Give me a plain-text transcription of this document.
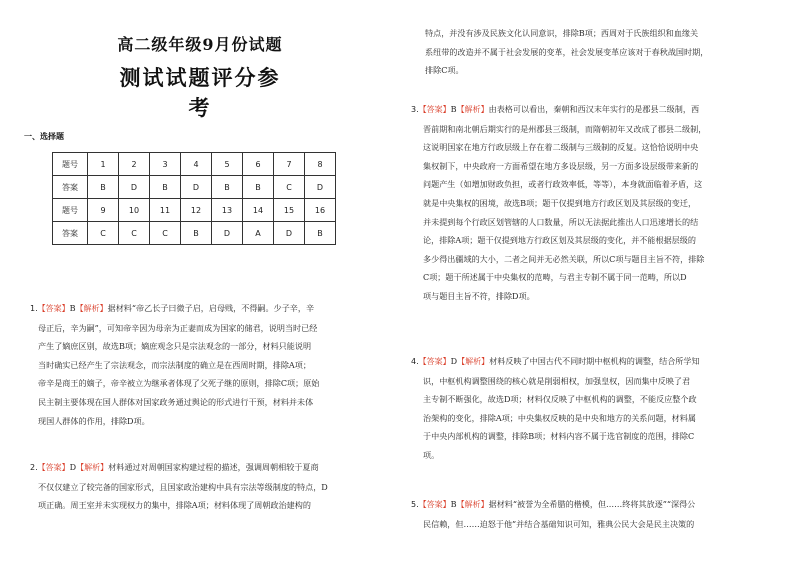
高二级年级9月份试题
测试试题评分参考
一、选择题
题号	1	2	3	4	5	6	7	8
答案	B	D	B	D	B	B	C	D
题号	9	10	11	12	13	14	15	16
答案	C	C	C	B	D	A	D	B

1.【答案】B【解析】据材料“帝乙长子曰微子启，启母贱，不得嗣。少子辛，辛

母正后，辛为嗣”，可知帝辛因为母亲为正妻而成为国家的储君，说明当时已经

产生了嫡庶区别，故选B项；嫡庶观念只是宗法观念的一部分，材料只能说明

当时确实已经产生了宗法观念，而宗法制度的确立是在西周时期，排除A项；

帝辛是商王的嫡子，帝辛被立为继承者体现了父死子继的原则，排除C项；原始

民主制主要体现在国人群体对国家政务通过舆论的形式进行干预，材料并未体

现国人群体的作用，排除D项。

2.【答案】D【解析】材料通过对周朝国家构建过程的描述，强调周朝相较于夏商

不仅仅建立了较完备的国家形式，且国家政治建构中具有宗法等级制度的特点，D

项正确。周王室并未实现权力的集中，排除A项；材料体现了周朝政治建构的

特点，并没有涉及民族文化认同意识，排除B项；西周对于氏族组织和血缘关

系纽带的改造并不属于社会发展的变革，社会发展变革应该对于春秋战国时期，

排除C项。

3.【答案】B【解析】由表格可以看出，秦朝和西汉末年实行的是郡县二级制，西

晋前期和南北朝后期实行的是州郡县三级制，而隋朝初年又改成了郡县二级制，

这说明国家在地方行政层级上存在着二级制与三级制的反复。这恰恰说明中央

集权制下，中央政府一方面希望在地方多设层级，另一方面多设层级带来新的

问题产生（如增加财政负担，或者行政效率低，等等），本身就面临着矛盾，这

就是中央集权的困境，故选B项；题干仅提到地方行政区划及其层级的变迁，

并未提到每个行政区划管辖的人口数量，所以无法据此推出人口迅速增长的结

论，排除A项；题干仅提到地方行政区划及其层级的变化，并不能根据层级的

多少得出疆域的大小，二者之间并无必然关联，所以C项与题目主旨不符，排除

C项；题干所述属于中央集权的范畴，与君主专制不属于同一范畴，所以D

项与题目主旨不符，排除D项。

4.【答案】D【解析】材料反映了中国古代不同时期中枢机构的调整，结合所学知

识，中枢机构调整围绕的核心就是削弱相权，加强皇权，因而集中反映了君

主专制不断强化，故选D项；材料仅反映了中枢机构的调整，不能反应整个政

治架构的变化，排除A项；中央集权反映的是中央和地方的关系问题，材料属

于中央内部机构的调整，排除B项；材料内容不属于选官制度的范围，排除C

项。

5.【答案】B【解析】据材料“被誉为全希腊的楷模，但……终将其放逐”“深得公

民信赖，但……迫怒于他”并结合基础知识可知，雅典公民大会是民主决策的
